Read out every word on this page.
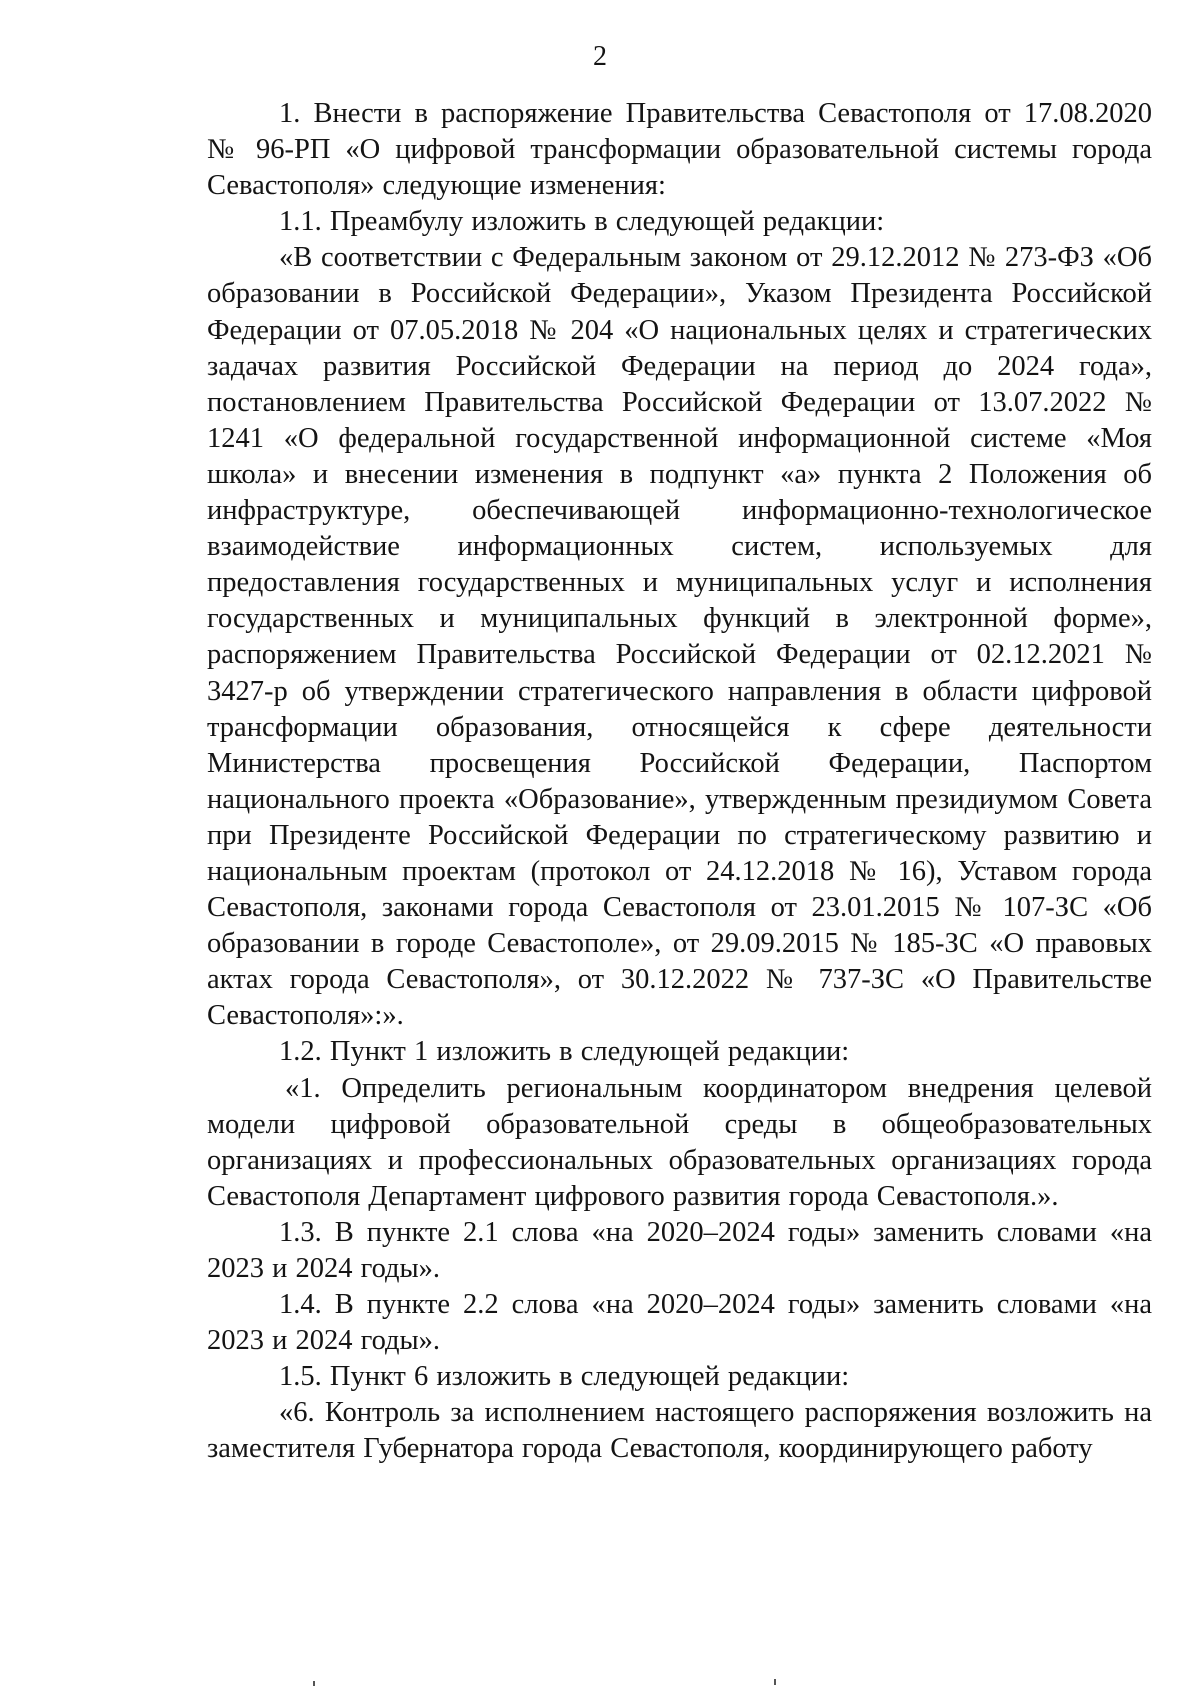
2

1. Внести в распоряжение Правительства Севастополя от 17.08.2020 № 96-РП «О цифровой трансформации образовательной системы города Севастополя» следующие изменения:

1.1. Преамбулу изложить в следующей редакции:

«В соответствии с Федеральным законом от 29.12.2012 № 273-ФЗ «Об образовании в Российской Федерации», Указом Президента Российской Федерации от 07.05.2018 № 204 «О национальных целях и стратегических задачах развития Российской Федерации на период до 2024 года», постановлением Правительства Российской Федерации от 13.07.2022 № 1241 «О федеральной государственной информационной системе «Моя школа» и внесении изменения в подпункт «а» пункта 2 Положения об инфраструктуре, обеспечивающей информационно-технологическое взаимодействие информационных систем, используемых для предоставления государственных и муниципальных услуг и исполнения государственных и муниципальных функций в электронной форме», распоряжением Правительства Российской Федерации от 02.12.2021 № 3427-р об утверждении стратегического направления в области цифровой трансформации образования, относящейся к сфере деятельности Министерства просвещения Российской Федерации, Паспортом национального проекта «Образование», утвержденным президиумом Совета при Президенте Российской Федерации по стратегическому развитию и национальным проектам (протокол от 24.12.2018 № 16), Уставом города Севастополя, законами города Севастополя от 23.01.2015 № 107-ЗС «Об образовании в городе Севастополе», от 29.09.2015 № 185-ЗС «О правовых актах города Севастополя», от 30.12.2022 № 737-ЗС «О Правительстве Севастополя»:».

1.2. Пункт 1 изложить в следующей редакции:

«1. Определить региональным координатором внедрения целевой модели цифровой образовательной среды в общеобразовательных организациях и профессиональных образовательных организациях города Севастополя Департамент цифрового развития города Севастополя.».

1.3. В пункте 2.1 слова «на 2020–2024 годы» заменить словами «на 2023 и 2024 годы».

1.4. В пункте 2.2 слова «на 2020–2024 годы» заменить словами «на 2023 и 2024 годы».

1.5. Пункт 6 изложить в следующей редакции:

«6. Контроль за исполнением настоящего распоряжения возложить на заместителя Губернатора города Севастополя, координирующего работу
